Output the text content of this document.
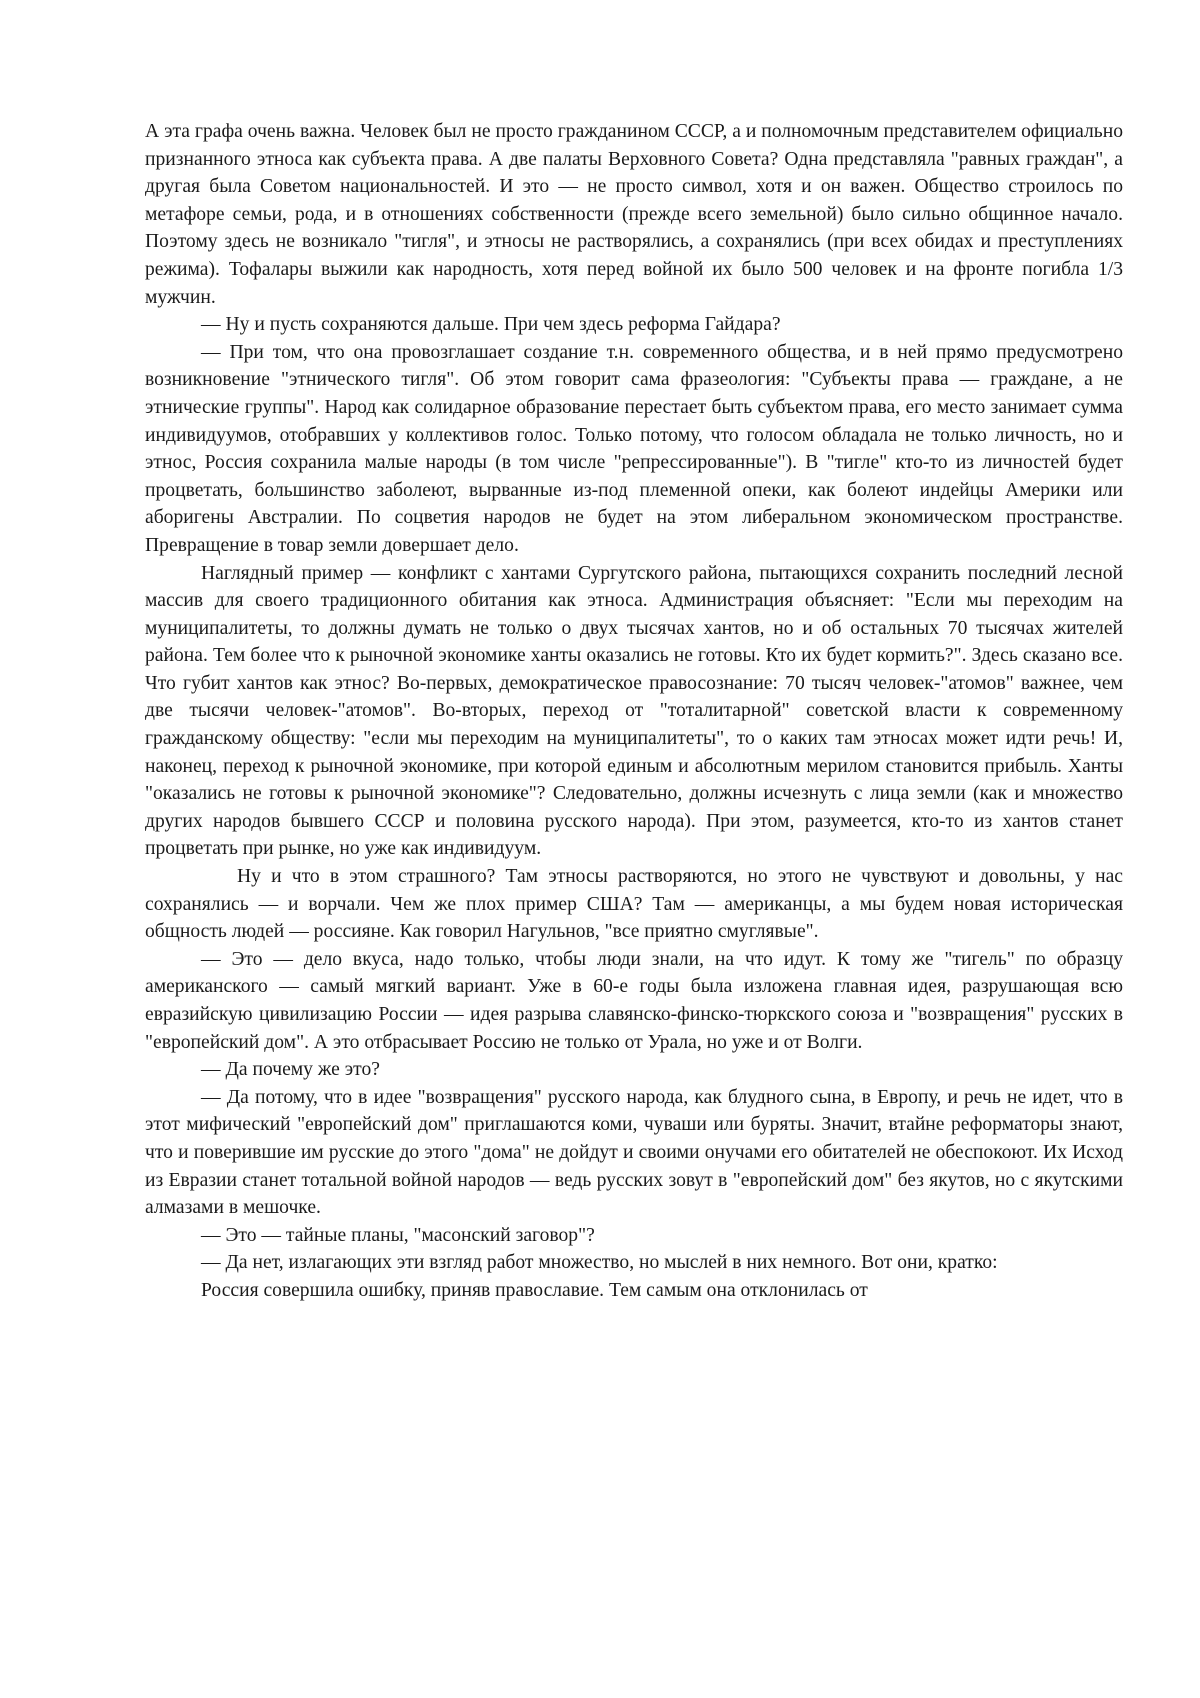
А эта графа очень важна. Человек был не просто гражданином СССР, а и полномочным представителем официально признанного этноса как субъекта права. А две палаты Верховного Совета? Одна представляла "равных граждан", а другая была Советом национальностей. И это — не просто символ, хотя и он важен. Общество строилось по метафоре семьи, рода, и в отношениях собственности (прежде всего земельной) было сильно общинное начало. Поэтому здесь не возникало "тигля", и этносы не растворялись, а сохранялись (при всех обидах и преступлениях режима). Тофалары выжили как народность, хотя перед войной их было 500 человек и на фронте погибла 1/3 мужчин.

— Ну и пусть сохраняются дальше. При чем здесь реформа Гайдара?

— При том, что она провозглашает создание т.н. современного общества, и в ней прямо предусмотрено возникновение "этнического тигля". Об этом говорит сама фразеология: "Субъекты права — граждане, а не этнические группы". Народ как солидарное образование перестает быть субъектом права, его место занимает сумма индивидуумов, отобравших у коллективов голос. Только потому, что голосом обладала не только личность, но и этнос, Россия сохранила малые народы (в том числе "репрессированные"). В "тигле" кто-то из личностей будет процветать, большинство заболеют, вырванные из-под племенной опеки, как болеют индейцы Америки или аборигены Австралии. По соцветия народов не будет на этом либеральном экономическом пространстве. Превращение в товар земли довершает дело.

Наглядный пример — конфликт с хантами Сургутского района, пытающихся сохранить последний лесной массив для своего традиционного обитания как этноса. Администрация объясняет: "Если мы переходим на муниципалитеты, то должны думать не только о двух тысячах хантов, но и об остальных 70 тысячах жителей района. Тем более что к рыночной экономике ханты оказались не готовы. Кто их будет кормить?". Здесь сказано все. Что губит хантов как этнос? Во-первых, демократическое правосознание: 70 тысяч человек-"атомов" важнее, чем две тысячи человек-"атомов". Во-вторых, переход от "тоталитарной" советской власти к современному гражданскому обществу: "если мы переходим на муниципалитеты", то о каких там этносах может идти речь! И, наконец, переход к рыночной экономике, при которой единым и абсолютным мерилом становится прибыль. Ханты "оказались не готовы к рыночной экономике"? Следовательно, должны исчезнуть с лица земли (как и множество других народов бывшего СССР и половина русского народа). При этом, разумеется, кто-то из хантов станет процветать при рынке, но уже как индивидуум.

Ну и что в этом страшного? Там этносы растворяются, но этого не чувствуют и довольны, у нас сохранялись — и ворчали. Чем же плох пример США? Там — американцы, а мы будем новая историческая общность людей — россияне. Как говорил Нагульнов, "все приятно смуглявые".

— Это — дело вкуса, надо только, чтобы люди знали, на что идут. К тому же "тигель" по образцу американского — самый мягкий вариант. Уже в 60-е годы была изложена главная идея, разрушающая всю евразийскую цивилизацию России — идея разрыва славянско-финско-тюркского союза и "возвращения" русских в "европейский дом". А это отбрасывает Россию не только от Урала, но уже и от Волги.

— Да почему же это?

— Да потому, что в идее "возвращения" русского народа, как блудного сына, в Европу, и речь не идет, что в этот мифический "европейский дом" приглашаются коми, чуваши или буряты. Значит, втайне реформаторы знают, что и поверившие им русские до этого "дома" не дойдут и своими онучами его обитателей не обеспокоют. Их Исход из Евразии станет тотальной войной народов — ведь русских зовут в "европейский дом" без якутов, но с якутскими алмазами в мешочке.

— Это — тайные планы, "масонский заговор"?

— Да нет, излагающих эти взгляд работ множество, но мыслей в них немного. Вот они, кратко:

Россия совершила ошибку, приняв православие. Тем самым она отклонилась от
